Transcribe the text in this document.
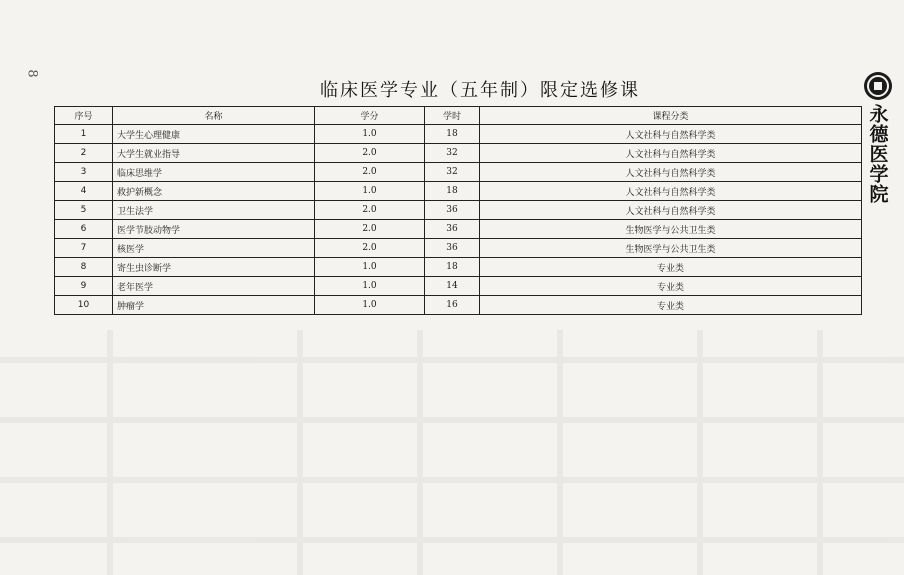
8
临床医学专业（五年制）限定选修课
永德医学院
序号	名称	学分	学时	课程分类
1	大学生心理健康	1.0	18	人文社科与自然科学类
2	大学生就业指导	2.0	32	人文社科与自然科学类
3	临床思维学	2.0	32	人文社科与自然科学类
4	救护新概念	1.0	18	人文社科与自然科学类
5	卫生法学	2.0	36	人文社科与自然科学类
6	医学节肢动物学	2.0	36	生物医学与公共卫生类
7	核医学	2.0	36	生物医学与公共卫生类
8	寄生虫诊断学	1.0	18	专业类
9	老年医学	1.0	14	专业类
10	肿瘤学	1.0	16	专业类
